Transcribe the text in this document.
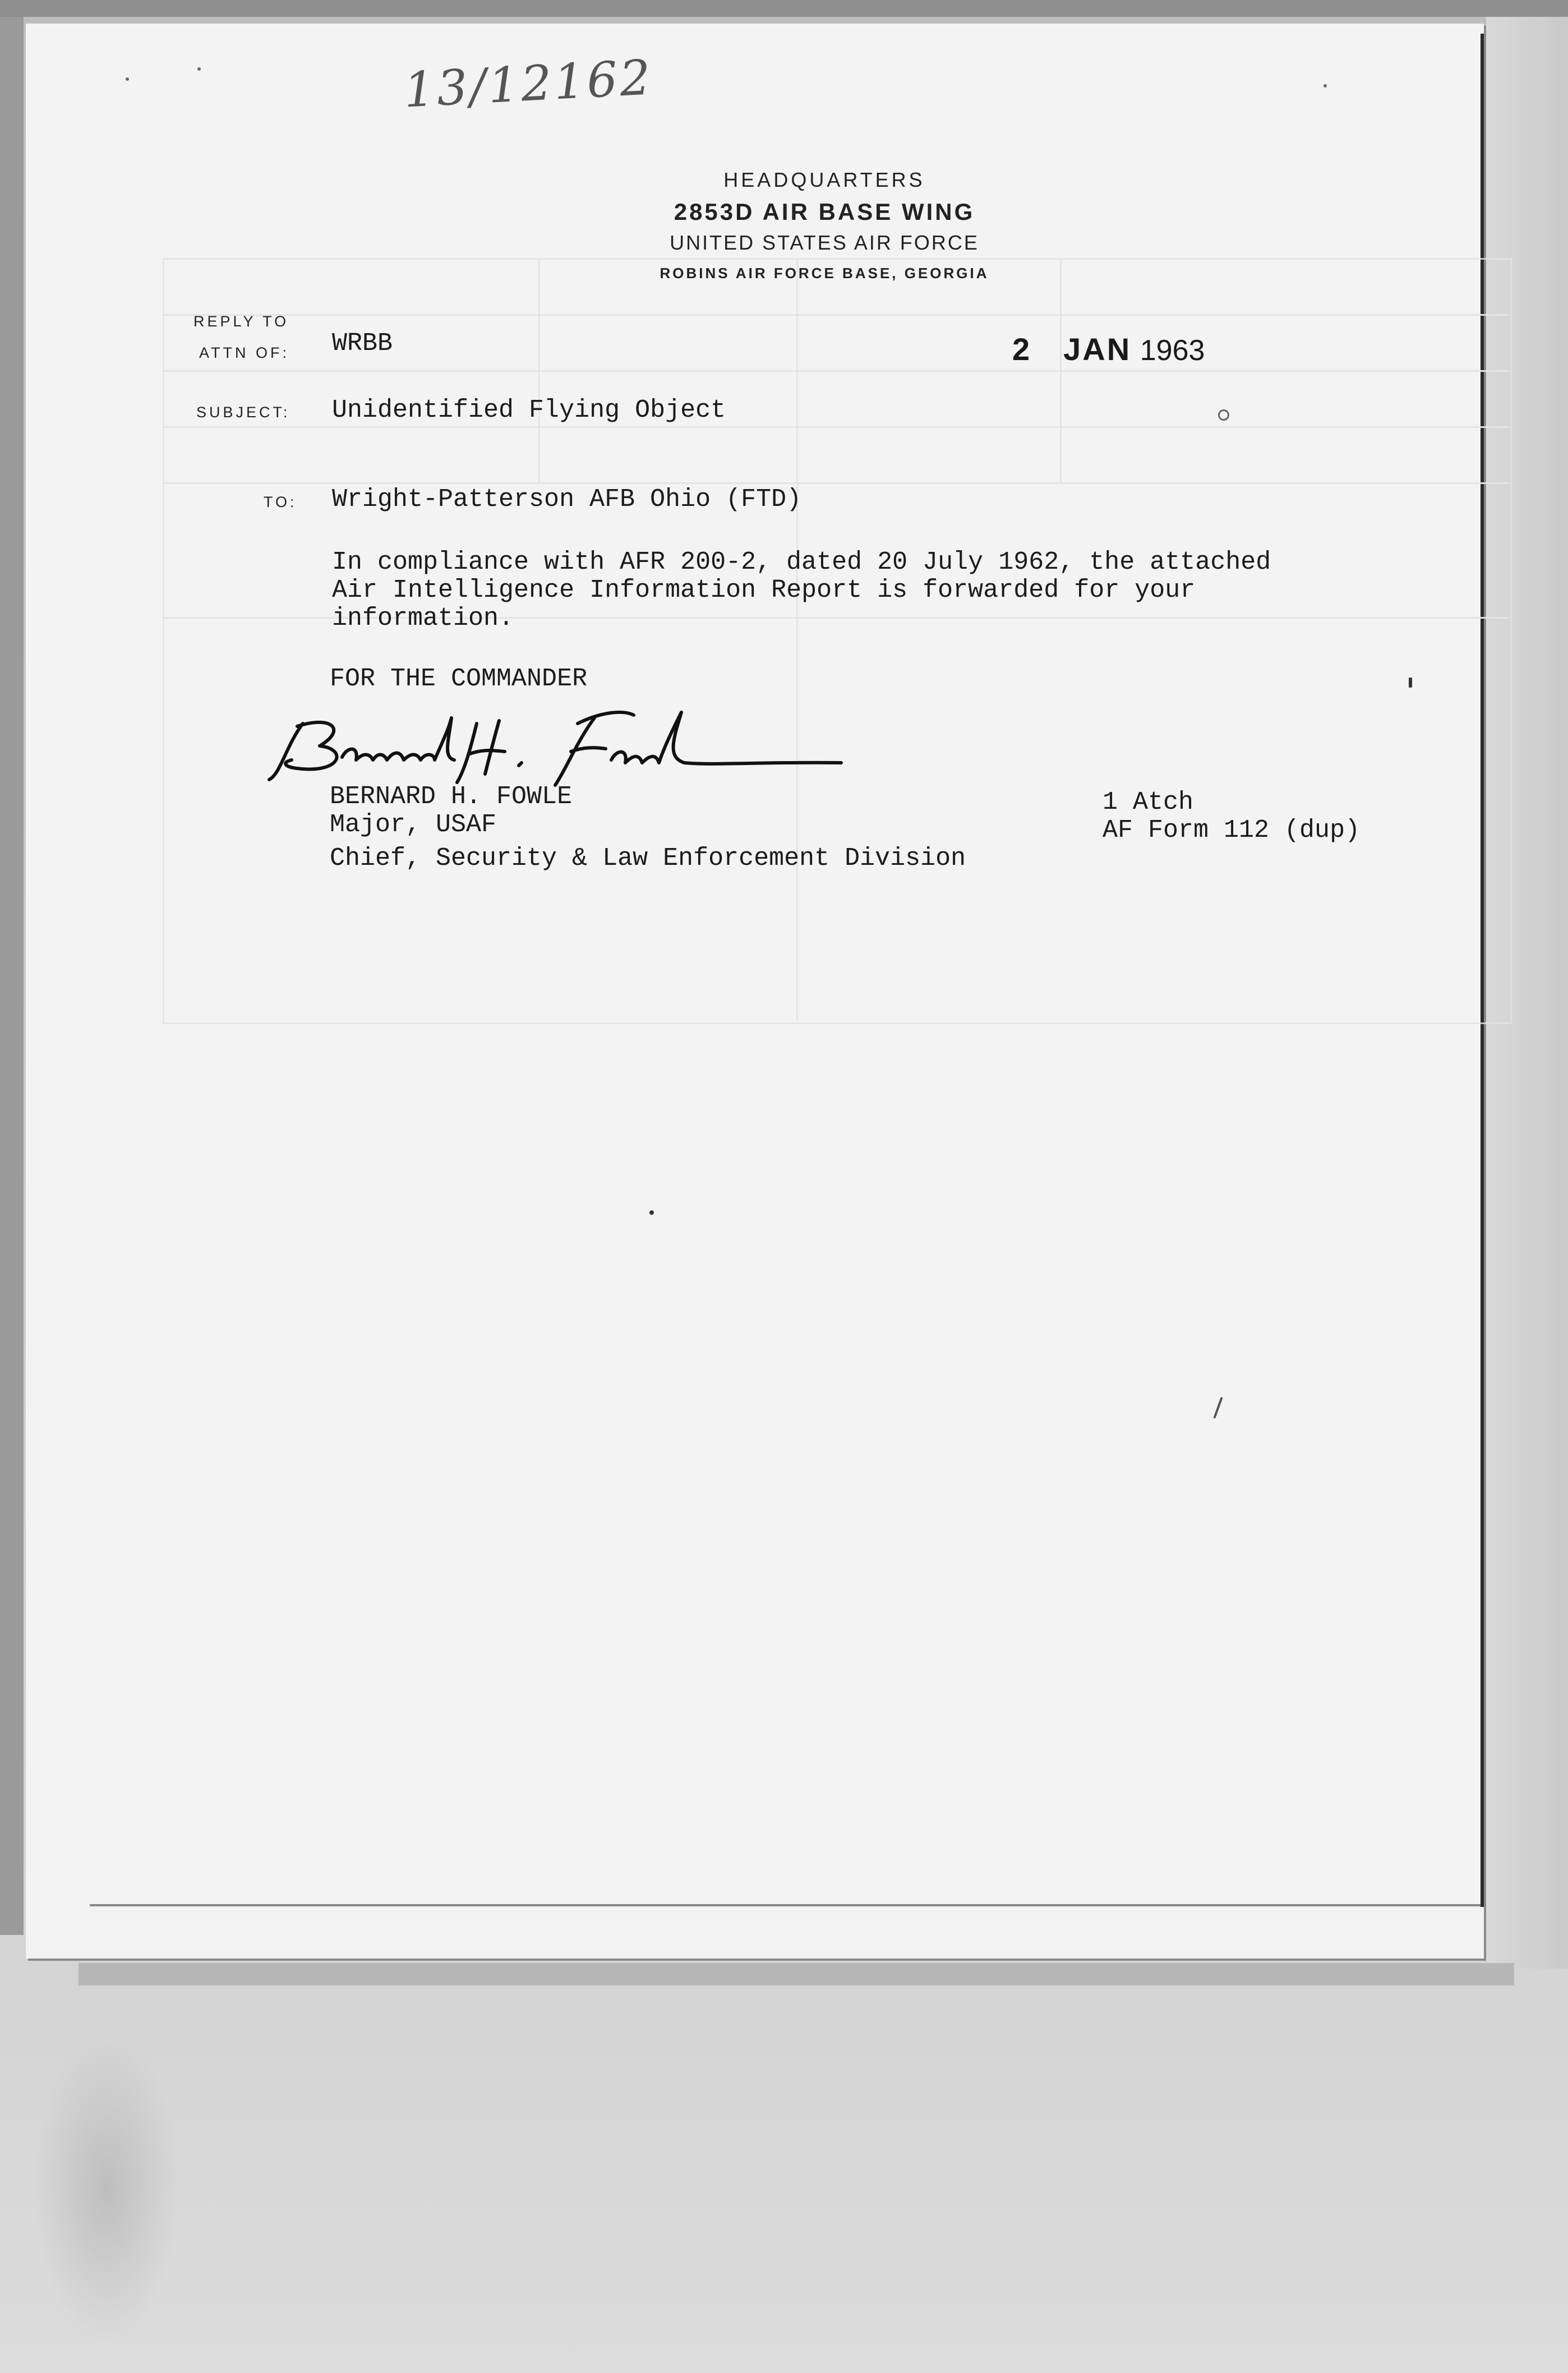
13/12162
HEADQUARTERS
2853D AIR BASE WING
UNITED STATES AIR FORCE
ROBINS AIR FORCE BASE, GEORGIA
REPLY TO
ATTN OF: WRBB	2 JAN 1963
SUBJECT: Unidentified Flying Object
TO: Wright-Patterson AFB Ohio (FTD)
In compliance with AFR 200-2, dated 20 July 1962, the attached
Air Intelligence Information Report is forwarded for your
information.
FOR THE COMMANDER
BERNARD H. FOWLE
Major, USAF
Chief, Security & Law Enforcement Division
1 Atch
AF Form 112 (dup)
